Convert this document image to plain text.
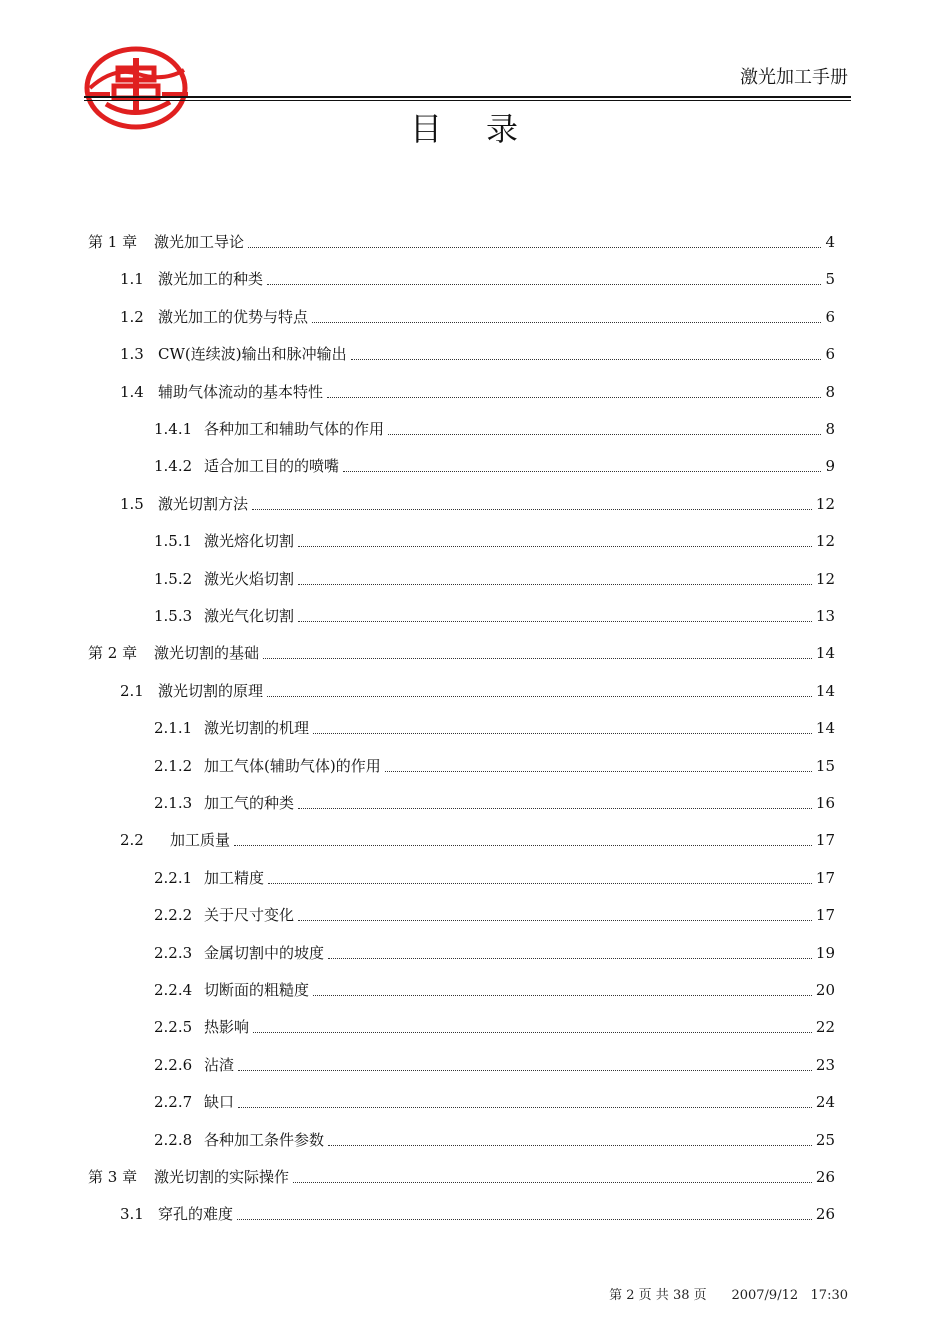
激光加工手册
目录
第 1 章	激光加工导论	4
1.1 激光加工的种类	5
1.2 激光加工的优势与特点	6
1.3 CW(连续波)输出和脉冲输出	6
1.4 辅助气体流动的基本特性	8
1.4.1 各种加工和辅助气体的作用	8
1.4.2 适合加工目的的喷嘴	9
1.5 激光切割方法	12
1.5.1 激光熔化切割	12
1.5.2 激光火焰切割	12
1.5.3 激光气化切割	13
第 2 章	激光切割的基础	14
2.1 激光切割的原理	14
2.1.1 激光切割的机理	14
2.1.2 加工气体(辅助气体)的作用	15
2.1.3 加工气的种类	16
2.2	加工质量	17
2.2.1 加工精度	17
2.2.2 关于尺寸变化	17
2.2.3 金属切割中的坡度	19
2.2.4 切断面的粗糙度	20
2.2.5 热影响	22
2.2.6 沾渣	23
2.2.7 缺口	24
2.2.8 各种加工条件参数	25
第 3 章	激光切割的实际操作	26
3.1 穿孔的难度	26
第 2 页 共 38 页 2007/9/12 17:30
